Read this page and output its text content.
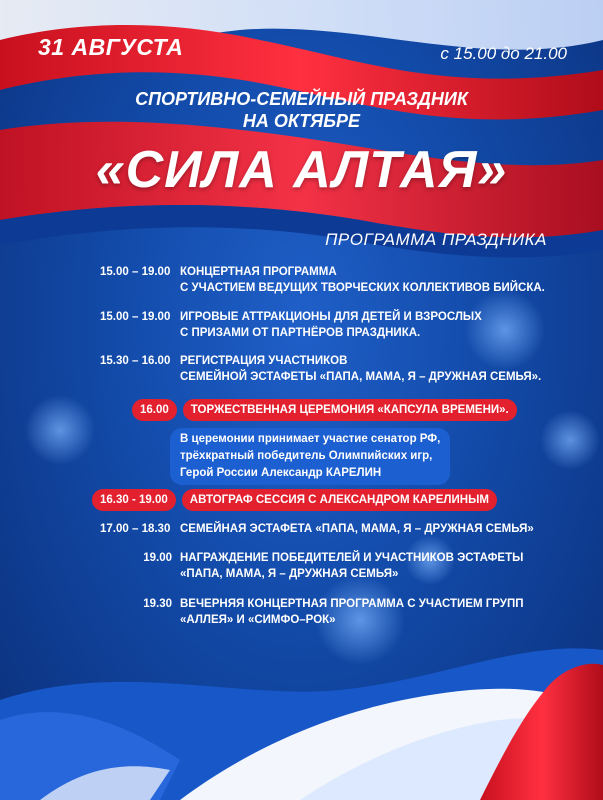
31 АВГУСТА	с 15.00 до 21.00
СПОРТИВНО-СЕМЕЙНЫЙ ПРАЗДНИК
НА ОКТЯБРЕ
«СИЛА АЛТАЯ»
ПРОГРАММА ПРАЗДНИКА
15.00 – 19.00 КОНЦЕРТНАЯ ПРОГРАММА
С УЧАСТИЕМ ВЕДУЩИХ ТВОРЧЕСКИХ КОЛЛЕКТИВОВ БИЙСКА.
15.00 – 19.00 ИГРОВЫЕ АТТРАКЦИОНЫ ДЛЯ ДЕТЕЙ И ВЗРОСЛЫХ
С ПРИЗАМИ ОТ ПАРТНЁРОВ ПРАЗДНИКА.
15.30 – 16.00 РЕГИСТРАЦИЯ УЧАСТНИКОВ
СЕМЕЙНОЙ ЭСТАФЕТЫ «ПАПА, МАМА, Я – ДРУЖНАЯ СЕМЬЯ».
16.00	ТОРЖЕСТВЕННАЯ ЦЕРЕМОНИЯ «КАПСУЛА ВРЕМЕНИ».
В церемонии принимает участие сенатор РФ,
трёхкратный победитель Олимпийских игр,
Герой России Александр КАРЕЛИН
16.30 - 19.00	АВТОГРАФ СЕССИЯ С АЛЕКСАНДРОМ КАРЕЛИНЫМ
17.00 – 18.30 СЕМЕЙНАЯ ЭСТАФЕТА «ПАПА, МАМА, Я – ДРУЖНАЯ СЕМЬЯ»
19.00 НАГРАЖДЕНИЕ ПОБЕДИТЕЛЕЙ И УЧАСТНИКОВ ЭСТАФЕТЫ
«ПАПА, МАМА, Я – ДРУЖНАЯ СЕМЬЯ»
19.30 ВЕЧЕРНЯЯ КОНЦЕРТНАЯ ПРОГРАММА С УЧАСТИЕМ ГРУПП
«АЛЛЕЯ» И «СИМФО–РОК»
